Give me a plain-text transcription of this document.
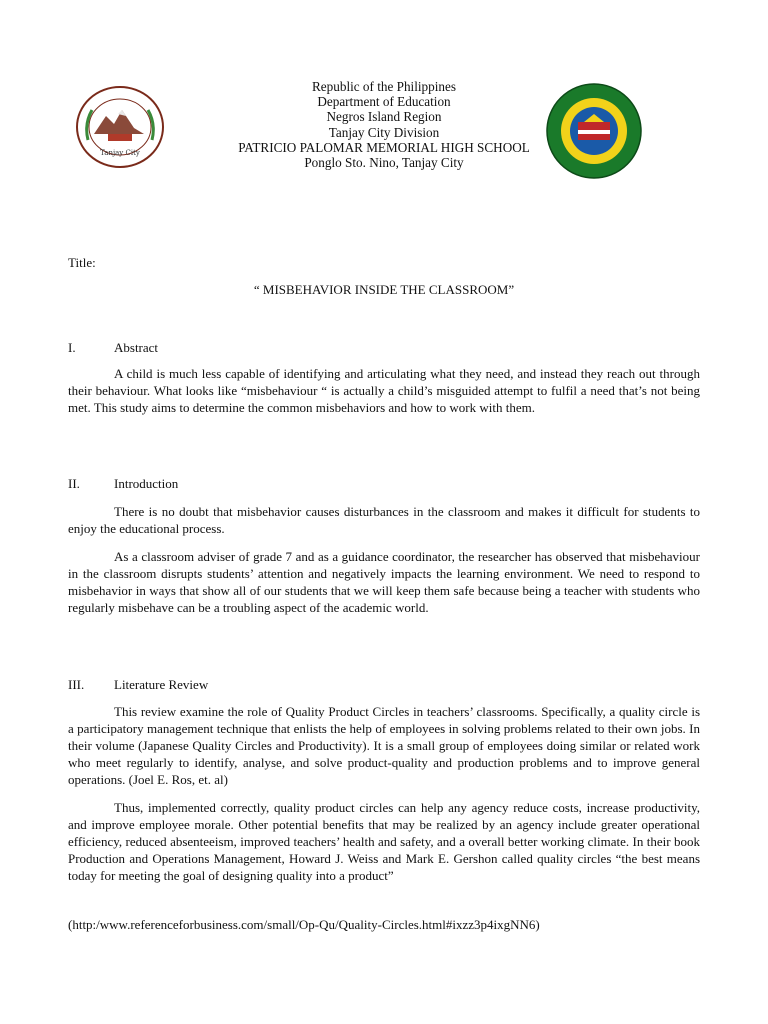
Tanjay City
Republic of the Philippines
Department of Education
Negros Island Region
Tanjay City Division
PATRICIO PALOMAR MEMORIAL HIGH SCHOOL
Ponglo Sto. Nino, Tanjay City
Title:
“ MISBEHAVIOR INSIDE THE CLASSROOM”
I.	Abstract

A child is much less capable of identifying and articulating what they need, and instead they reach out through their behaviour. What looks like “misbehaviour “ is actually a child’s misguided attempt to fulfil a need that’s not being met. This study aims to determine the common misbehaviors and how to work with them.

II.	Introduction

There is no doubt that misbehavior causes disturbances in the classroom and makes it difficult for students to enjoy the educational process.

As a classroom adviser of grade 7 and as a guidance coordinator, the researcher has observed that misbehaviour in the classroom disrupts students’ attention and negatively impacts the learning environment. We need to respond to misbehavior in ways that show all of our students that we will keep them safe because being a teacher with students who regularly misbehave can be a troubling aspect of the academic world.

III. Literature Review

This review examine the role of Quality Product Circles in teachers’ classrooms. Specifically, a quality circle is a participatory management technique that enlists the help of employees in solving problems related to their own jobs. In their volume (Japanese Quality Circles and Productivity). It is a small group of employees doing similar or related work who meet regularly to identify, analyse, and solve product-quality and production problems and to improve general operations. (Joel E. Ros, et. al)

Thus, implemented correctly, quality product circles can help any agency reduce costs, increase productivity, and improve employee morale. Other potential benefits that may be realized by an agency include greater operational efficiency, reduced absenteeism, improved teachers’ health and safety, and a overall better working climate. In their book Production and Operations Management, Howard J. Weiss and Mark E. Gershon called quality circles “the best means today for meeting the goal of designing quality into a product”

(http:/www.referenceforbusiness.com/small/Op-Qu/Quality-Circles.html#ixzz3p4ixgNN6)
